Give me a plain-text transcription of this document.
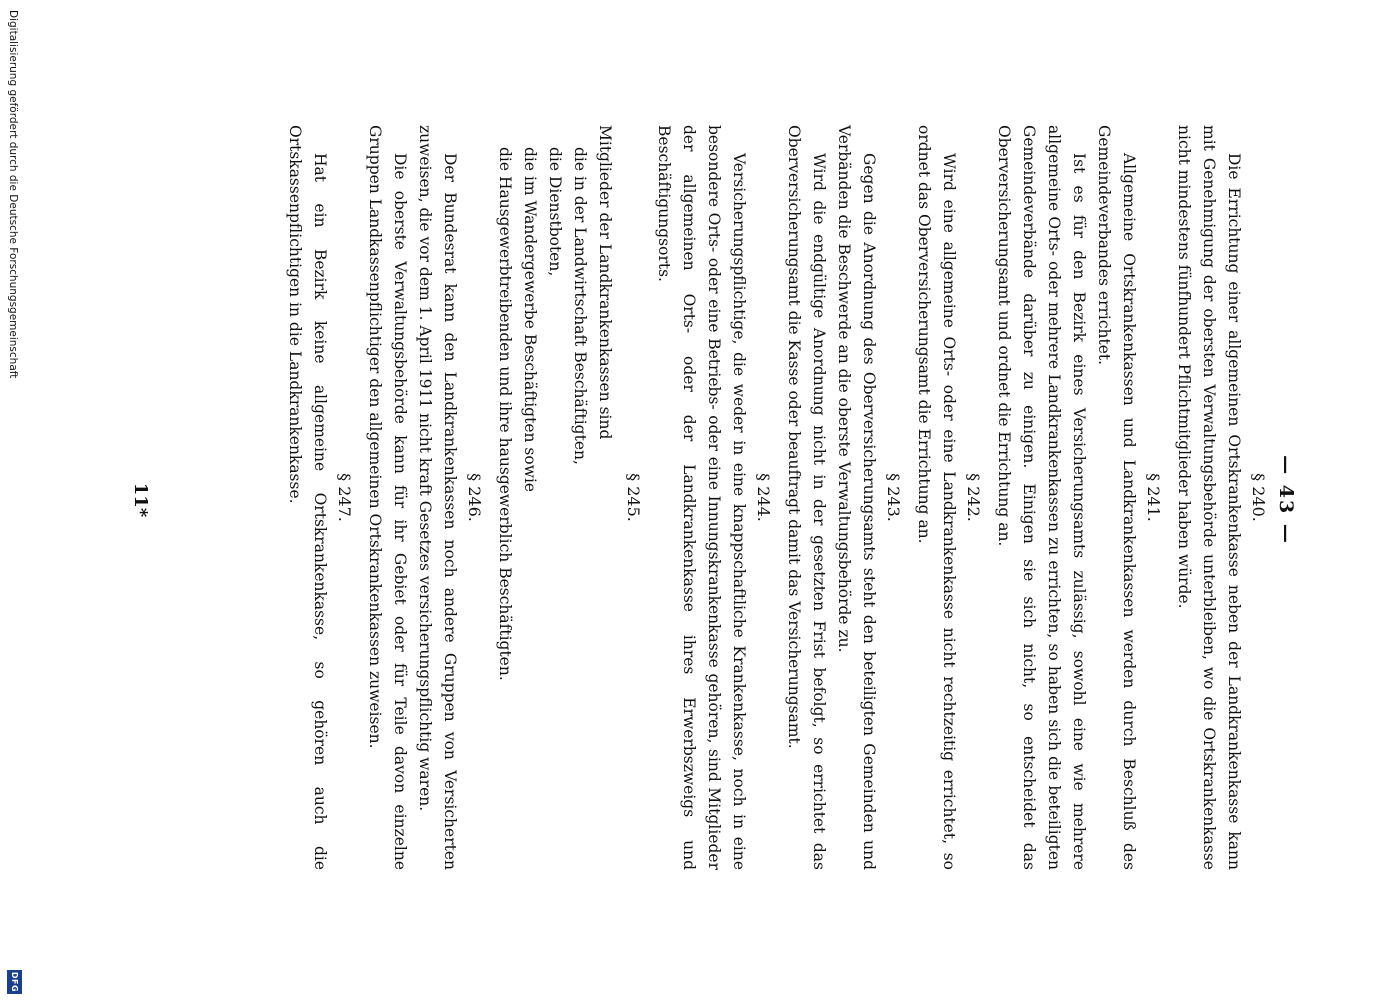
— 43 —
§ 240.

Die Errichtung einer allgemeinen Ortskrankenkasse neben der Landkrankenkasse kann mit Genehmigung der obersten Verwaltungsbehörde unterbleiben, wo die Ortskrankenkasse nicht mindestens fünfhundert Pflichtmitglieder haben würde.

§ 241.

Allgemeine Ortskrankenkassen und Landkrankenkassen werden durch Beschluß des Gemeindeverbandes errichtet.

Ist es für den Bezirk eines Versicherungsamts zulässig, sowohl eine wie mehrere allgemeine Orts- oder mehrere Landkrankenkassen zu errichten, so haben sich die beteiligten Gemeindeverbände darüber zu einigen. Einigen sie sich nicht, so entscheidet das Oberversicherungsamt und ordnet die Errichtung an.

§ 242.

Wird eine allgemeine Orts- oder eine Landkrankenkasse nicht rechtzeitig errichtet, so ordnet das Oberversicherungsamt die Errichtung an.

§ 243.

Gegen die Anordnung des Oberversicherungsamts steht den beteiligten Gemeinden und Verbänden die Beschwerde an die oberste Verwaltungsbehörde zu.

Wird die endgültige Anordnung nicht in der gesetzten Frist befolgt, so errichtet das Oberversicherungsamt die Kasse oder beauftragt damit das Versicherungsamt.

§ 244.

Versicherungspflichtige, die weder in eine knappschaftliche Krankenkasse, noch in eine besondere Orts- oder eine Betriebs- oder eine Innungskrankenkasse gehören, sind Mitglieder der allgemeinen Orts- oder der Landkrankenkasse ihres Erwerbszweigs und Beschäftigungsorts.

§ 245.

Mitglieder der Landkrankenkassen sind

die in der Landwirtschaft Beschäftigten,

die Dienstboten,

die im Wandergewerbe Beschäftigten sowie

die Hausgewerbtreibenden und ihre hausgewerblich Beschäftigten.

§ 246.

Der Bundesrat kann den Landkrankenkassen noch andere Gruppen von Versicherten zuweisen, die vor dem 1. April 1911 nicht kraft Gesetzes versicherungspflichtig waren.

Die oberste Verwaltungsbehörde kann für ihr Gebiet oder für Teile davon einzelne Gruppen Landkassenpflichtiger den allgemeinen Ortskrankenkassen zuweisen.

§ 247.

Hat ein Bezirk keine allgemeine Ortskrankenkasse, so gehören auch die Ortskassenpflichtigen in die Landkrankenkasse.

11*
Digitalisierung gefördert durch die Deutsche Forschungsgemeinschaft
DFG
